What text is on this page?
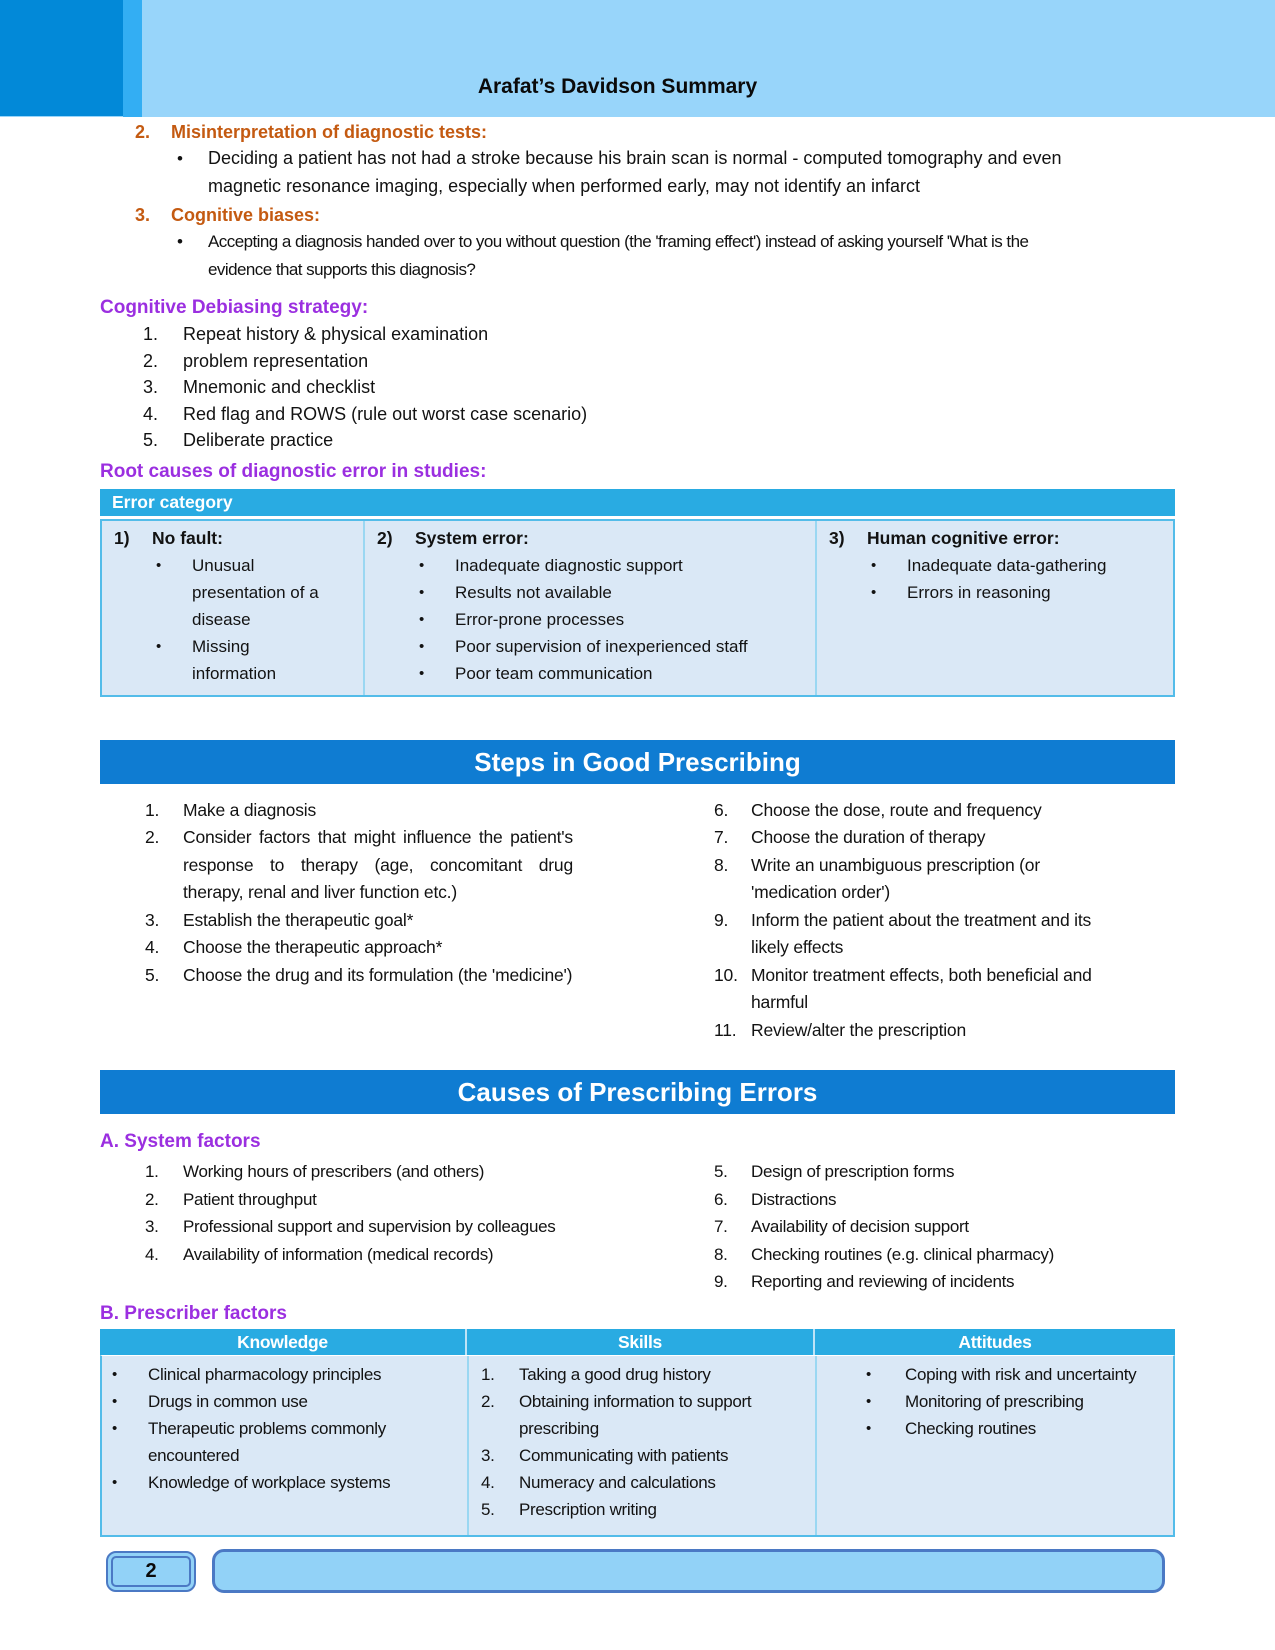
Arafat’s Davidson Summary
2.	Misinterpretation of diagnostic tests:
•
Deciding a patient has not had a stroke because his brain scan is normal - computed tomography and even magnetic resonance imaging, especially when performed early, may not identify an infarct
3.	Cognitive biases:
•
Accepting a diagnosis handed over to you without question (the 'framing effect') instead of asking yourself 'What is the evidence that supports this diagnosis?
Cognitive Debiasing strategy:
1.	Repeat history & physical examination
2.	problem representation
3.	Mnemonic and checklist
4.	Red flag and ROWS (rule out worst case scenario)
5.	Deliberate practice
Root causes of diagnostic error in studies:
Error category
1)	No fault:
•
Unusual presentation of a disease
•
Missing information
2)	System error:
•
Inadequate diagnostic support
•
Results not available
•
Error-prone processes
•
Poor supervision of inexperienced staff
•
Poor team communication
3)	Human cognitive error:
•
Inadequate data-gathering
•
Errors in reasoning
Steps in Good Prescribing
1.	Make a diagnosis
2.	Consider factors that might influence the patient's response to therapy (age, concomitant drug therapy, renal and liver function etc.)
3.	Establish the therapeutic goal*
4.	Choose the therapeutic approach*
5.	Choose the drug and its formulation (the 'medicine')
6.	Choose the dose, route and frequency
7.	Choose the duration of therapy
8.	Write an unambiguous prescription (or 'medication order')
9.	Inform the patient about the treatment and its likely effects
10. Monitor treatment effects, both beneficial and harmful
11. Review/alter the prescription
Causes of Prescribing Errors
A. System factors
1.	Working hours of prescribers (and others)
2.	Patient throughput
3.	Professional support and supervision by colleagues
4.	Availability of information (medical records)
5.	Design of prescription forms
6.	Distractions
7.	Availability of decision support
8.	Checking routines (e.g. clinical pharmacy)
9.	Reporting and reviewing of incidents
B. Prescriber factors
Knowledge	Skills	Attitudes
•
Clinical pharmacology principles
•
Drugs in common use
•
Therapeutic problems commonly encountered
•
Knowledge of workplace systems
1.	Taking a good drug history
2.	Obtaining information to support prescribing
3.	Communicating with patients
4.	Numeracy and calculations
5.	Prescription writing
•
Coping with risk and uncertainty
•
Monitoring of prescribing
•
Checking routines
2
